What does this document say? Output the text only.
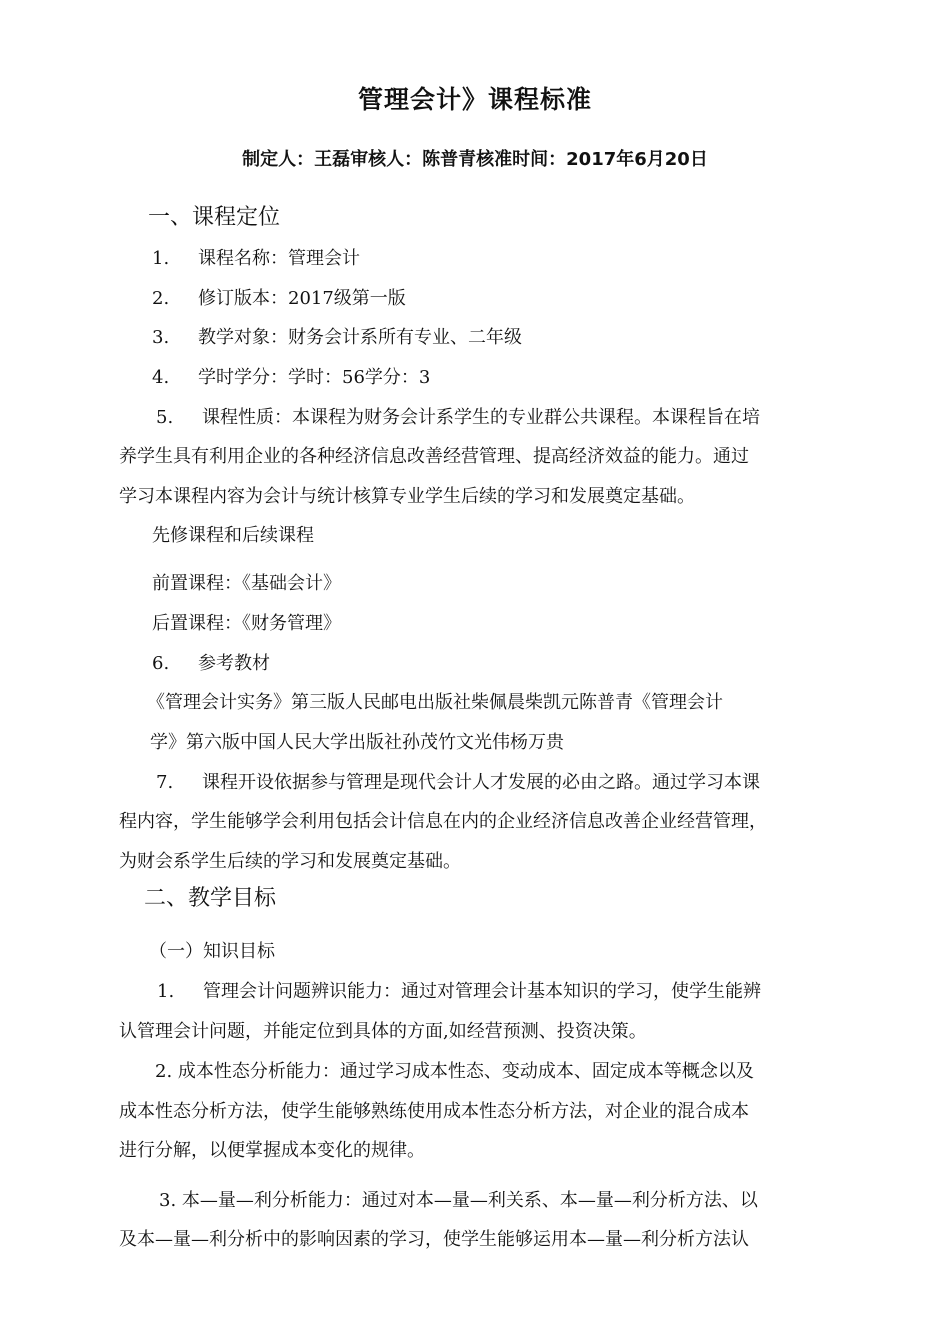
管理会计》课程标准
制定人：王磊审核人：陈普青核准时间：2017年6月20日
一、课程定位
1. 课程名称：管理会计
2. 修订版本：2017级第一版
3. 教学对象：财务会计系所有专业、二年级
4. 学时学分：学时：56学分：3
5. 课程性质：本课程为财务会计系学生的专业群公共课程。本课程旨在培
养学生具有利用企业的各种经济信息改善经营管理、提高经济效益的能力。通过
学习本课程内容为会计与统计核算专业学生后续的学习和发展奠定基础。
先修课程和后续课程
前置课程：《基础会计》
后置课程：《财务管理》
6. 参考教材
《管理会计实务》第三版人民邮电出版社柴佩晨柴凯元陈普青《管理会计
学》第六版中国人民大学出版社孙茂竹文光伟杨万贵
7. 课程开设依据参与管理是现代会计人才发展的必由之路。通过学习本课
程内容，学生能够学会利用包括会计信息在内的企业经济信息改善企业经营管理，
为财会系学生后续的学习和发展奠定基础。
二、教学目标
（一）知识目标
1. 管理会计问题辨识能力：通过对管理会计基本知识的学习，使学生能辨
认管理会计问题，并能定位到具体的方面,如经营预测、投资决策。
2. 成本性态分析能力：通过学习成本性态、变动成本、固定成本等概念以及
成本性态分析方法，使学生能够熟练使用成本性态分析方法，对企业的混合成本
进行分解，以便掌握成本变化的规律。
3. 本—量—利分析能力：通过对本—量—利关系、本—量—利分析方法、以
及本—量—利分析中的影响因素的学习，使学生能够运用本—量—利分析方法认
